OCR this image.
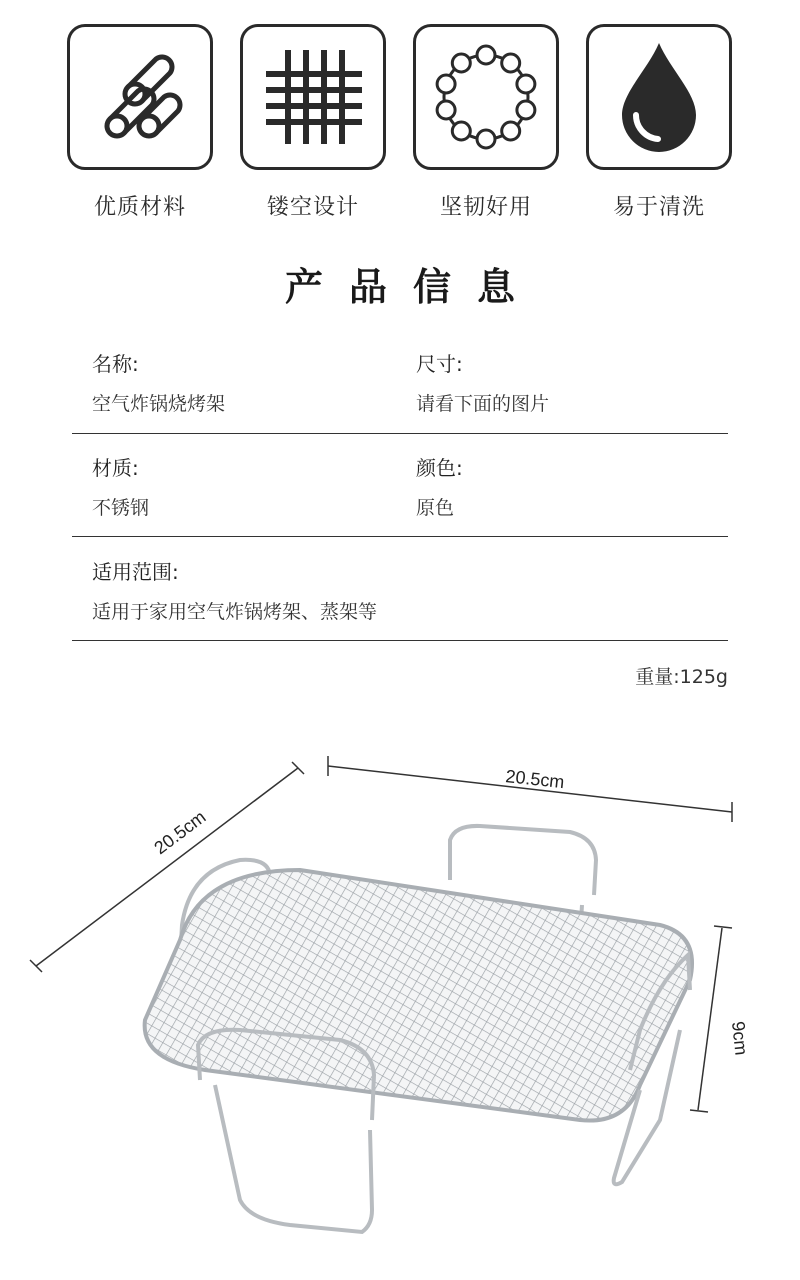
优质材料	镂空设计	坚韧好用	易于清洗
产品信息
名称:
空气炸锅烧烤架
尺寸:
请看下面的图片
材质:
不锈钢
颜色:
原色
适用范围:
适用于家用空气炸锅烤架、蒸架等
重量:125g
20.5cm
20.5cm
9cm
